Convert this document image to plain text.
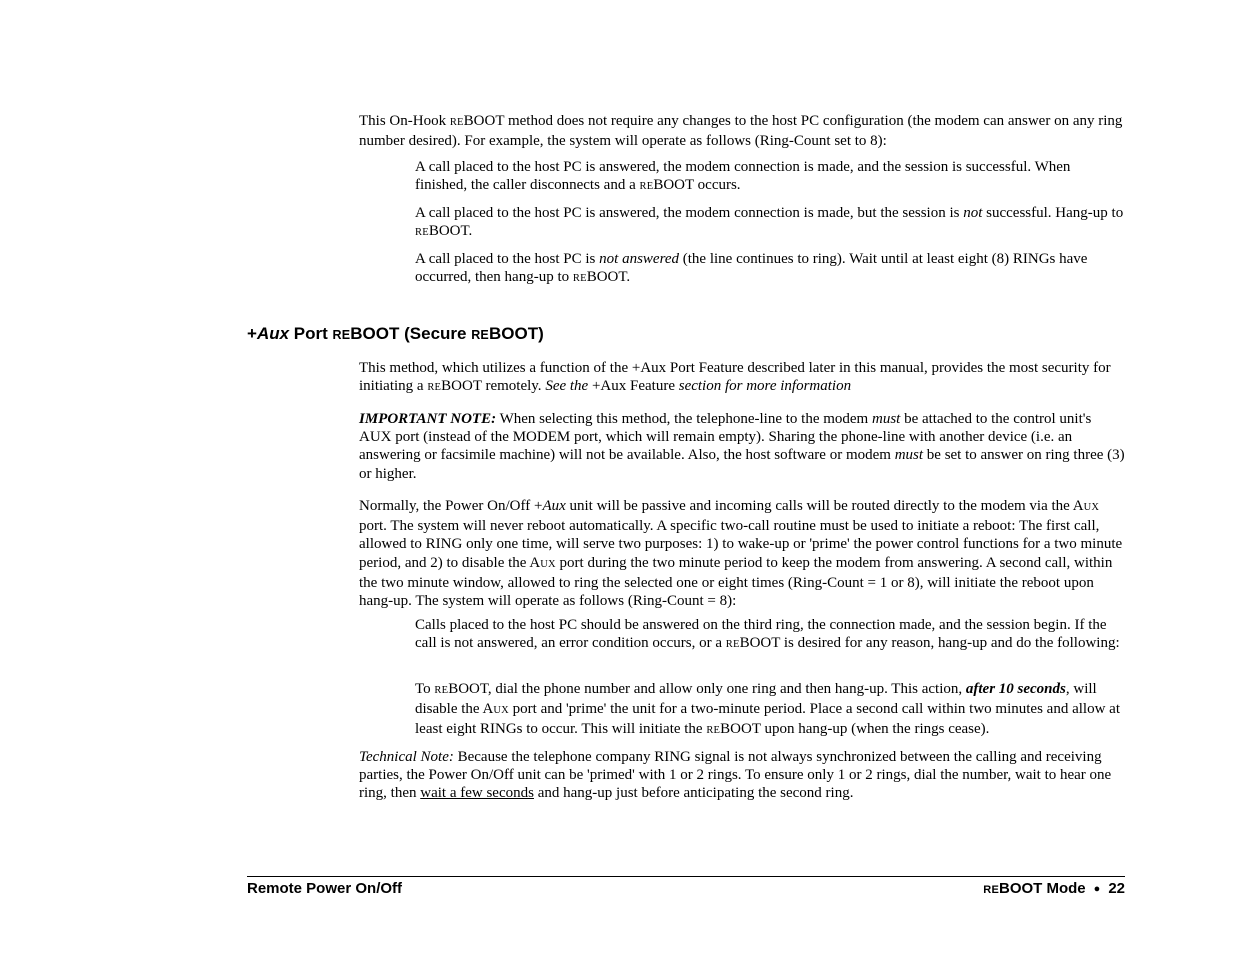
This On-Hook REBOOT method does not require any changes to the host PC configuration (the modem can answer on any ring number desired). For example, the system will operate as follows (Ring-Count set to 8):

A call placed to the host PC is answered, the modem connection is made, and the session is successful. When finished, the caller disconnects and a REBOOT occurs.

A call placed to the host PC is answered, the modem connection is made, but the session is not successful. Hang-up to REBOOT.

A call placed to the host PC is not answered (the line continues to ring). Wait until at least eight (8) RINGs have occurred, then hang-up to REBOOT.

+Aux Port REBOOT (Secure REBOOT)

This method, which utilizes a function of the +Aux Port Feature described later in this manual, provides the most security for initiating a REBOOT remotely. See the +Aux Feature section for more information

IMPORTANT NOTE: When selecting this method, the telephone-line to the modem must be attached to the control unit's AUX port (instead of the MODEM port, which will remain empty). Sharing the phone-line with another device (i.e. an answering or facsimile machine) will not be available. Also, the host software or modem must be set to answer on ring three (3) or higher.

Normally, the Power On/Off +Aux unit will be passive and incoming calls will be routed directly to the modem via the AUX port. The system will never reboot automatically. A specific two-call routine must be used to initiate a reboot: The first call, allowed to RING only one time, will serve two purposes: 1) to wake-up or 'prime' the power control functions for a two minute period, and 2) to disable the AUX port during the two minute period to keep the modem from answering. A second call, within the two minute window, allowed to ring the selected one or eight times (Ring-Count = 1 or 8), will initiate the reboot upon hang-up. The system will operate as follows (Ring-Count = 8):

Calls placed to the host PC should be answered on the third ring, the connection made, and the session begin. If the call is not answered, an error condition occurs, or a REBOOT is desired for any reason, hang-up and do the following:

To REBOOT, dial the phone number and allow only one ring and then hang-up. This action, after 10 seconds, will disable the AUX port and 'prime' the unit for a two-minute period. Place a second call within two minutes and allow at least eight RINGs to occur. This will initiate the REBOOT upon hang-up (when the rings cease).

Technical Note: Because the telephone company RING signal is not always synchronized between the calling and receiving parties, the Power On/Off unit can be 'primed' with 1 or 2 rings. To ensure only 1 or 2 rings, dial the number, wait to hear one ring, then wait a few seconds and hang-up just before anticipating the second ring.

Remote Power On/Off	REBOOT Mode ● 22
